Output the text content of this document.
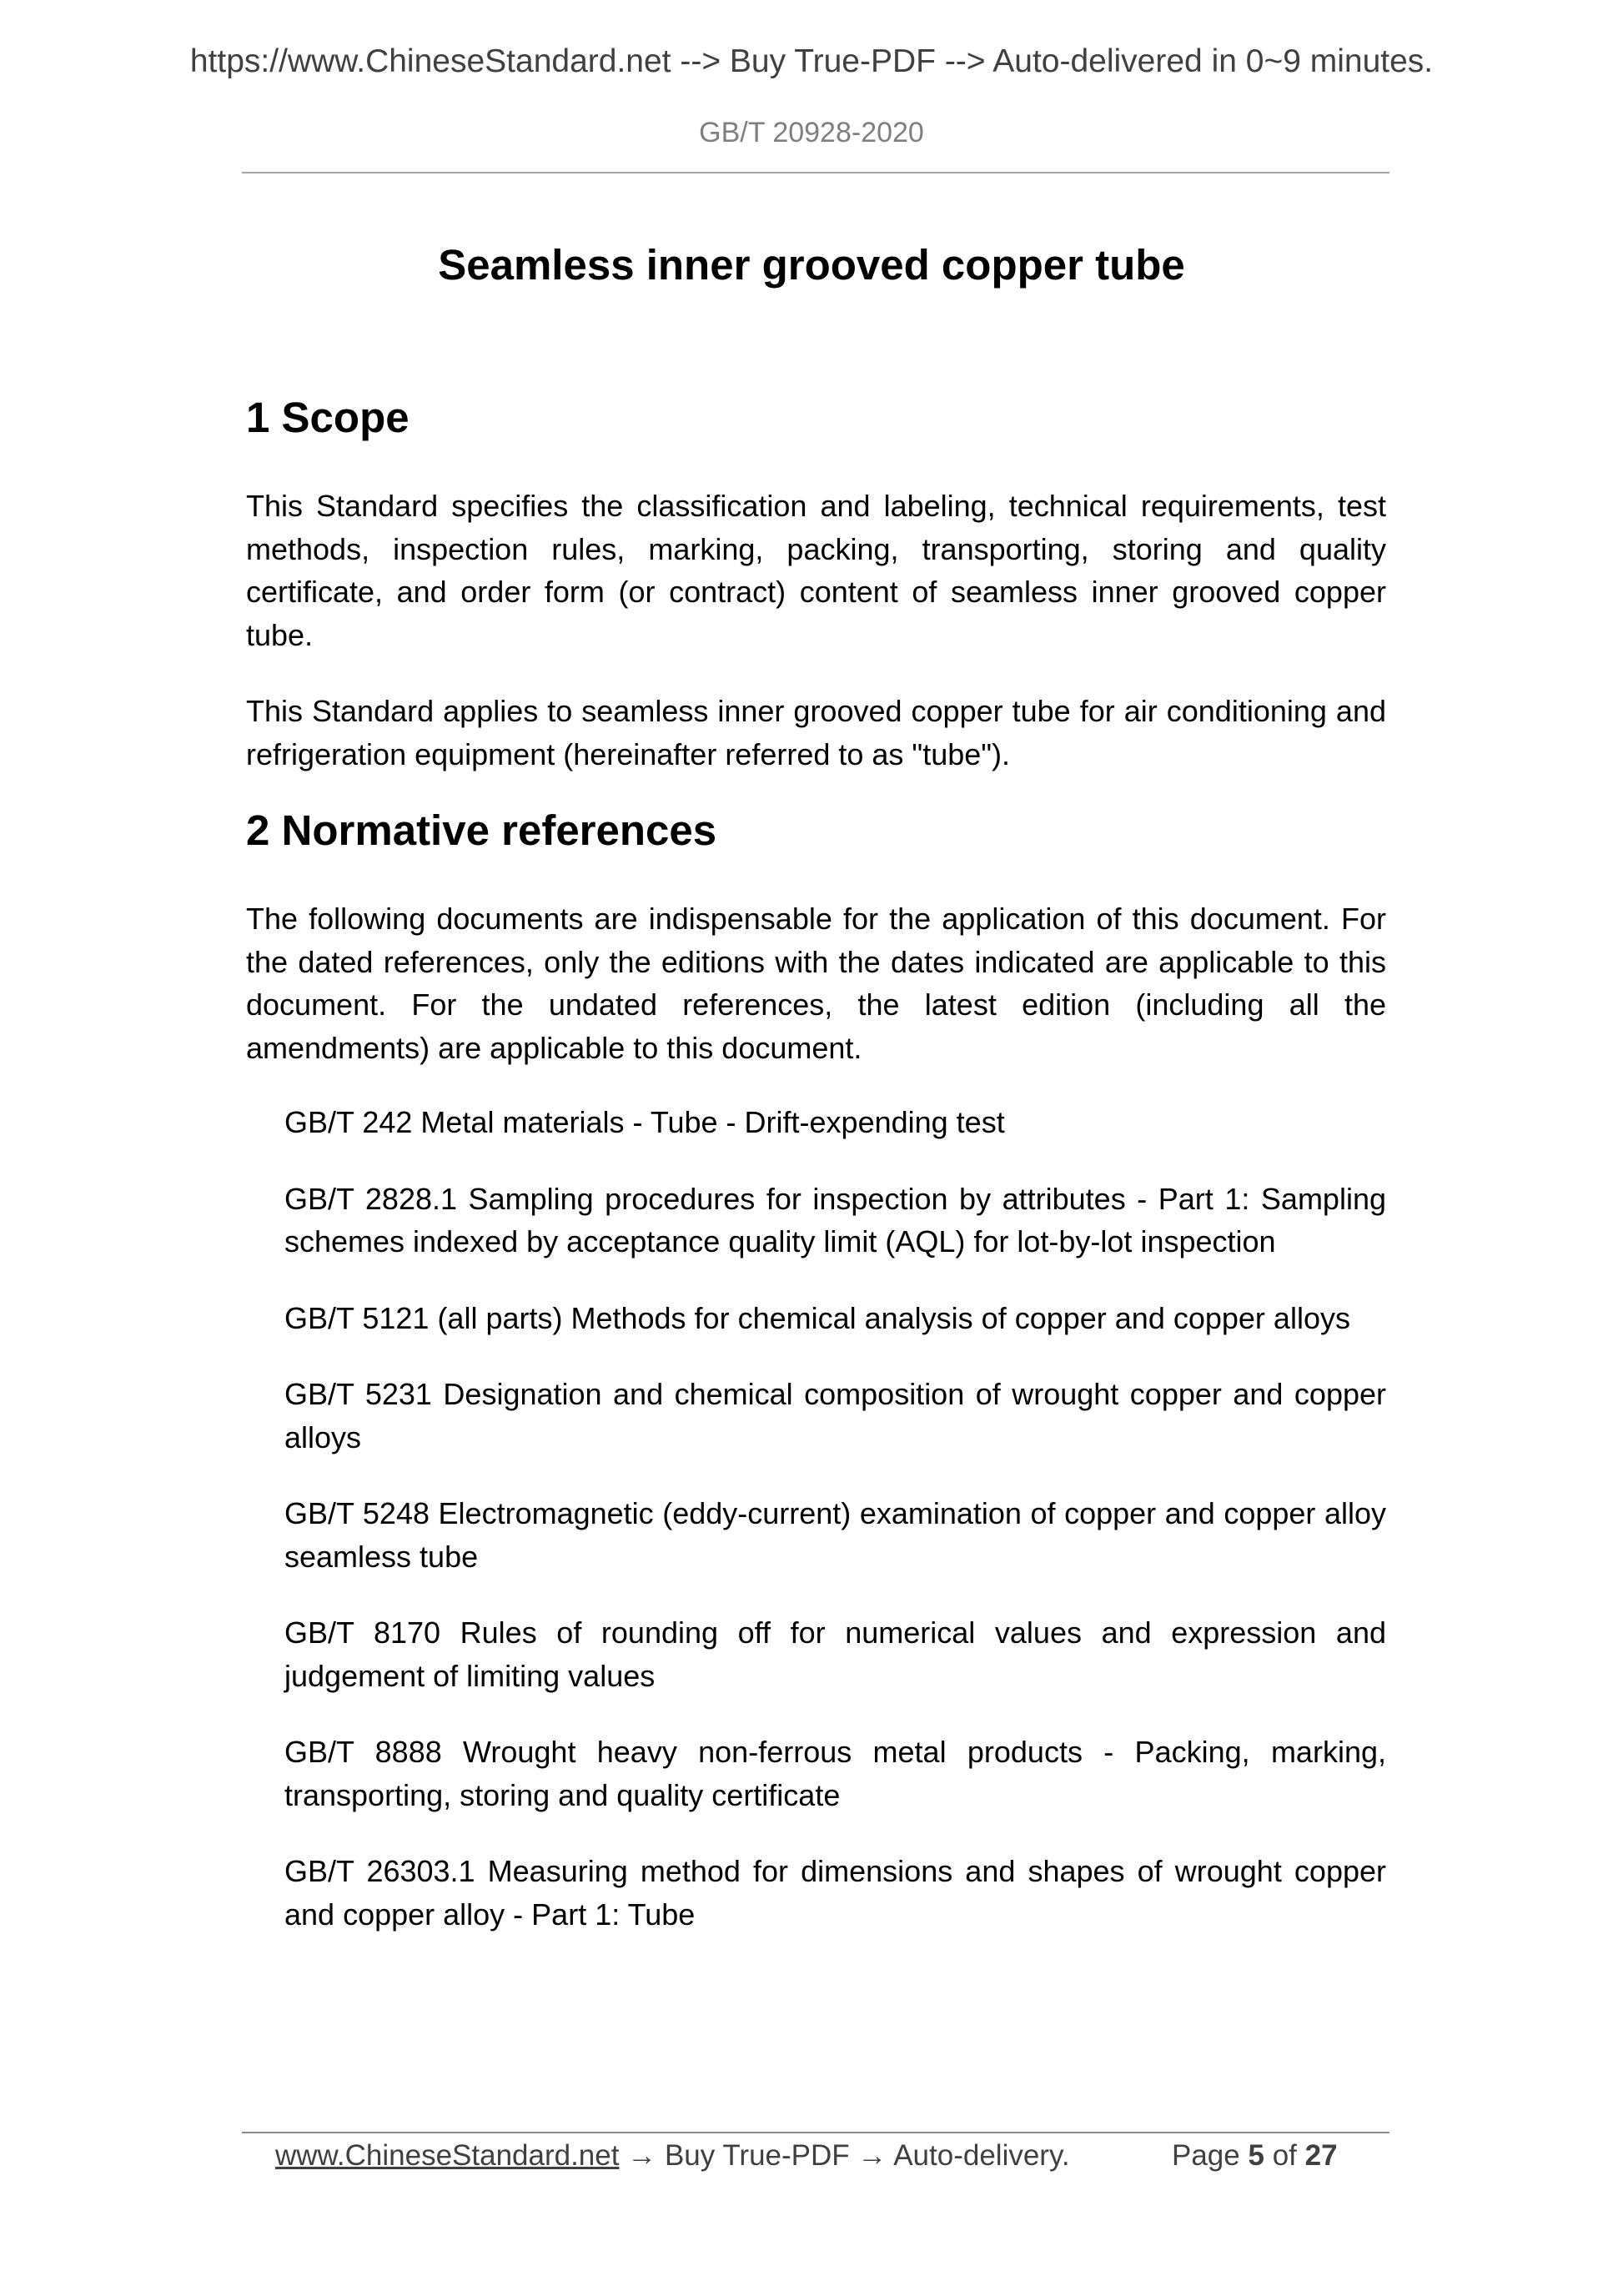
https://www.ChineseStandard.net --> Buy True-PDF --> Auto-delivered in 0~9 minutes.
GB/T 20928-2020
Seamless inner grooved copper tube
1 Scope

This Standard specifies the classification and labeling, technical requirements, test methods, inspection rules, marking, packing, transporting, storing and quality certificate, and order form (or contract) content of seamless inner grooved copper tube.

This Standard applies to seamless inner grooved copper tube for air conditioning and refrigeration equipment (hereinafter referred to as "tube").

2 Normative references

The following documents are indispensable for the application of this document. For the dated references, only the editions with the dates indicated are applicable to this document. For the undated references, the latest edition (including all the amendments) are applicable to this document.

GB/T 242 Metal materials - Tube - Drift-expending test
GB/T 2828.1 Sampling procedures for inspection by attributes - Part 1: Sampling schemes indexed by acceptance quality limit (AQL) for lot-by-lot inspection
GB/T 5121 (all parts) Methods for chemical analysis of copper and copper alloys
GB/T 5231 Designation and chemical composition of wrought copper and copper alloys
GB/T 5248 Electromagnetic (eddy-current) examination of copper and copper alloy seamless tube
GB/T 8170 Rules of rounding off for numerical values and expression and judgement of limiting values
GB/T 8888 Wrought heavy non-ferrous metal products - Packing, marking, transporting, storing and quality certificate
GB/T 26303.1 Measuring method for dimensions and shapes of wrought copper and copper alloy - Part 1: Tube
www.ChineseStandard.net → Buy True-PDF → Auto-delivery.	Page 5 of 27
